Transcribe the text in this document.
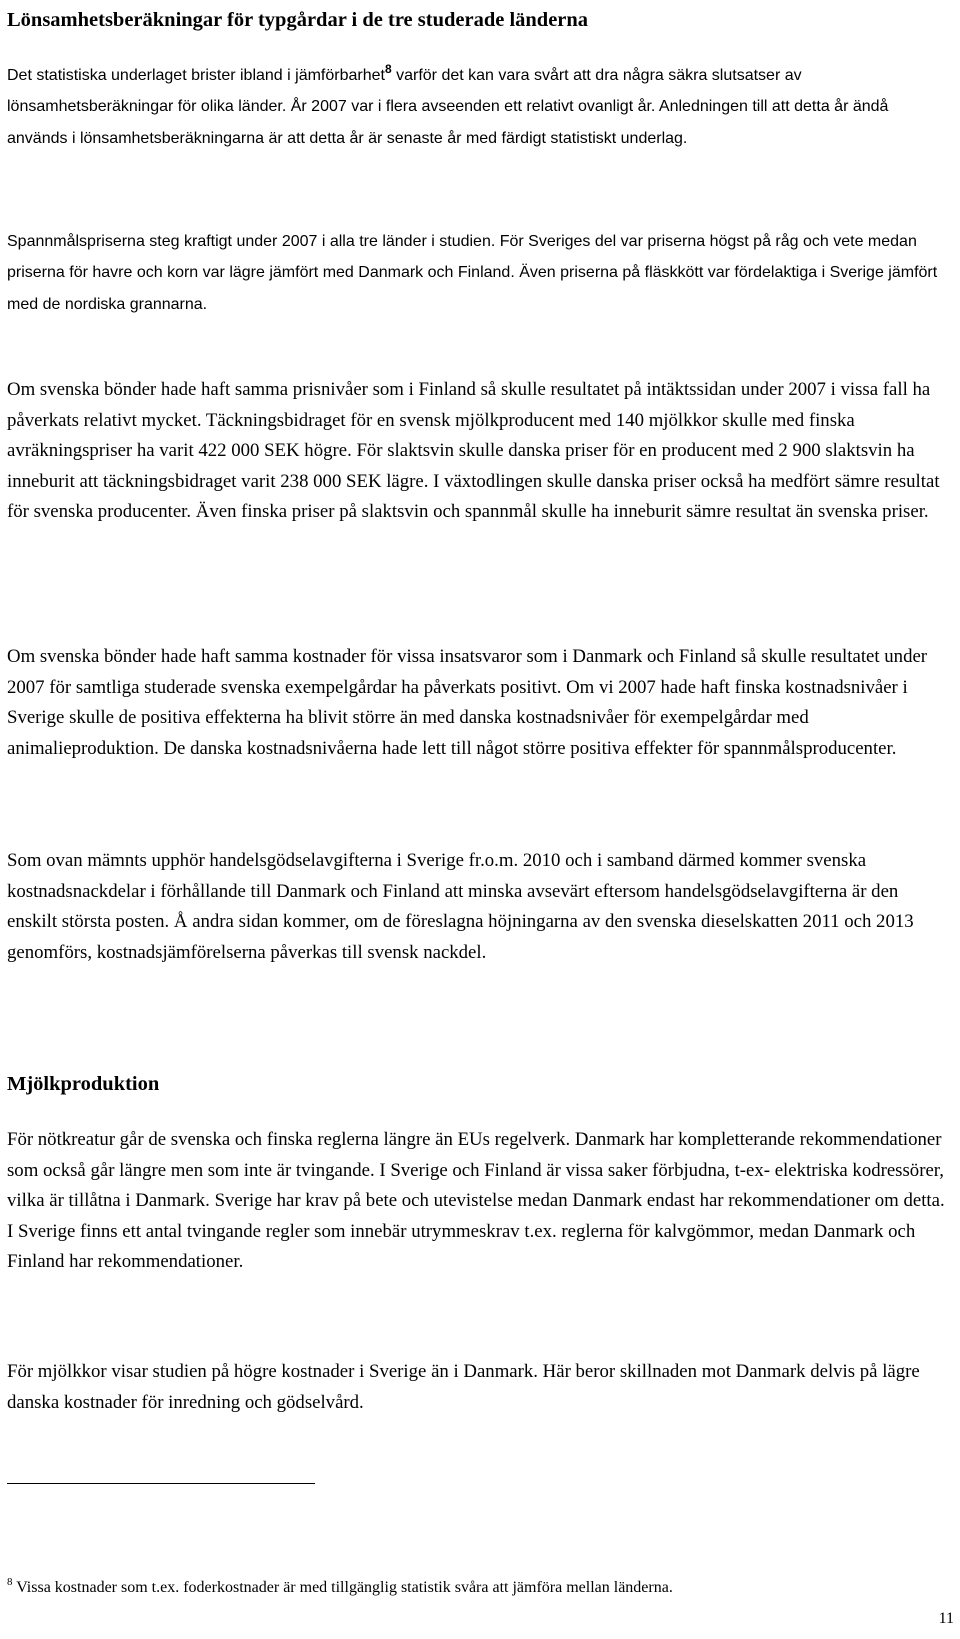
Lönsamhetsberäkningar för typgårdar i de tre studerade länderna

Det statistiska underlaget brister ibland i jämförbarhet$^8$ varför det kan vara svårt att dra några säkra slutsatser av lönsamhetsberäkningar för olika länder. År 2007 var i flera avseenden ett relativt ovanligt år. Anledningen till att detta år ändå används i lönsamhetsberäkningarna är att detta år är senaste år med färdigt statistiskt underlag.

Spannmålspriserna steg kraftigt under 2007 i alla tre länder i studien. För Sveriges del var priserna högst på råg och vete medan priserna för havre och korn var lägre jämfört med Danmark och Finland. Även priserna på fläskkött var fördelaktiga i Sverige jämfört med de nordiska grannarna.

Om svenska bönder hade haft samma prisnivåer som i Finland så skulle resultatet på intäktssidan under 2007 i vissa fall ha påverkats relativt mycket. Täckningsbidraget för en svensk mjölkproducent med 140 mjölkkor skulle med finska avräkningspriser ha varit 422 000 SEK högre. För slaktsvin skulle danska priser för en producent med 2 900 slaktsvin ha inneburit att täckningsbidraget varit 238 000 SEK lägre. I växtodlingen skulle danska priser också ha medfört sämre resultat för svenska producenter. Även finska priser på slaktsvin och spannmål skulle ha inneburit sämre resultat än svenska priser.

Om svenska bönder hade haft samma kostnader för vissa insatsvaror som i Danmark och Finland så skulle resultatet under 2007 för samtliga studerade svenska exempelgårdar ha påverkats positivt. Om vi 2007 hade haft finska kostnadsnivåer i Sverige skulle de positiva effekterna ha blivit större än med danska kostnadsnivåer för exempelgårdar med animalieproduktion. De danska kostnadsnivåerna hade lett till något större positiva effekter för spannmålsproducenter.

Som ovan mämnts upphör handelsgödselavgifterna i Sverige fr.o.m. 2010 och i samband därmed kommer svenska kostnadsnackdelar i förhållande till Danmark och Finland att minska avsevärt eftersom handelsgödselavgifterna är den enskilt största posten. Å andra sidan kommer, om de föreslagna höjningarna av den svenska dieselskatten 2011 och 2013 genomförs, kostnadsjämförelserna påverkas till svensk nackdel.

Mjölkproduktion

För nötkreatur går de svenska och finska reglerna längre än EUs regelverk. Danmark har kompletterande rekommendationer som också går längre men som inte är tvingande. I Sverige och Finland är vissa saker förbjudna, t-ex- elektriska kodressörer, vilka är tillåtna i Danmark. Sverige har krav på bete och utevistelse medan Danmark endast har rekommendationer om detta. I Sverige finns ett antal tvingande regler som innebär utrymmeskrav t.ex. reglerna för kalvgömmor, medan Danmark och Finland har rekommendationer.

För mjölkkor visar studien på högre kostnader i Sverige än i Danmark. Här beror skillnaden mot Danmark delvis på lägre danska kostnader för inredning och gödselvård.

$^8$ Vissa kostnader som t.ex. foderkostnader är med tillgänglig statistik svåra att jämföra mellan länderna.
11
